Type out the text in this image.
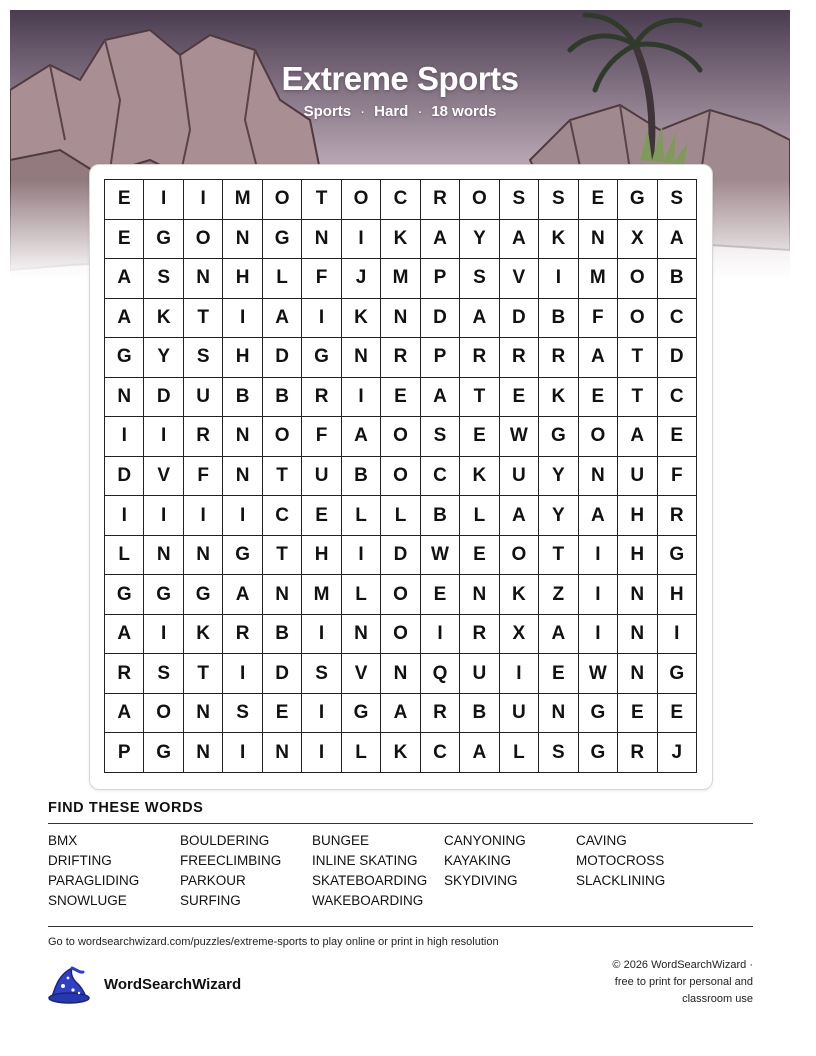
Extreme Sports
Sports · Hard · 18 words
E	I	I	M	O	T	O	C	R	O	S	S	E	G	S
E	G	O	N	G	N	I	K	A	Y	A	K	N	X	A
A	S	N	H	L	F	J	M	P	S	V	I	M	O	B
A	K	T	I	A	I	K	N	D	A	D	B	F	O	C
G	Y	S	H	D	G	N	R	P	R	R	R	A	T	D
N	D	U	B	B	R	I	E	A	T	E	K	E	T	C
I	I	R	N	O	F	A	O	S	E	W	G	O	A	E
D	V	F	N	T	U	B	O	C	K	U	Y	N	U	F
I	I	I	I	C	E	L	L	B	L	A	Y	A	H	R
L	N	N	G	T	H	I	D	W	E	O	T	I	H	G
G	G	G	A	N	M	L	O	E	N	K	Z	I	N	H
A	I	K	R	B	I	N	O	I	R	X	A	I	N	I
R	S	T	I	D	S	V	N	Q	U	I	E	W	N	G
A	O	N	S	E	I	G	A	R	B	U	N	G	E	E
P	G	N	I	N	I	L	K	C	A	L	S	G	R	J
FIND THESE WORDS
BMX	BOULDERING	BUNGEE	CANYONING	CAVING
DRIFTING	FREECLIMBING	INLINE SKATING	KAYAKING	MOTOCROSS
PARAGLIDING	PARKOUR	SKATEBOARDING	SKYDIVING	SLACKLINING
SNOWLUGE	SURFING	WAKEBOARDING
Go to wordsearchwizard.com/puzzles/extreme-sports to play online or print in high resolution
WordSearchWizard
© 2026 WordSearchWizard ·
free to print for personal and
classroom use
